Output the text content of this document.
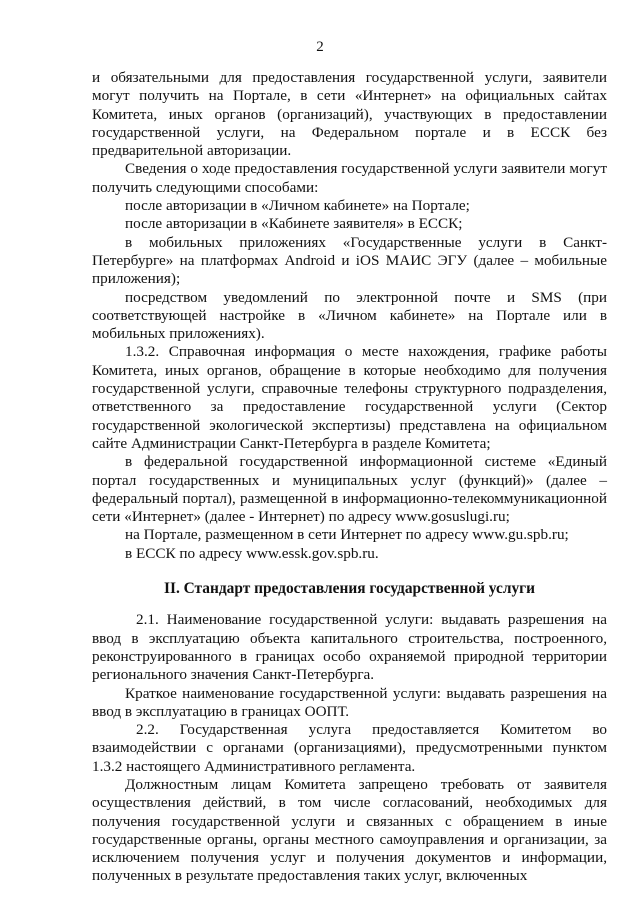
2

и обязательными для предоставления государственной услуги, заявители могут получить на Портале, в сети «Интернет» на официальных сайтах Комитета, иных органов (организаций), участвующих в предоставлении государственной услуги, на Федеральном портале и в ЕССК без предварительной авторизации.

Сведения о ходе предоставления государственной услуги заявители могут получить следующими способами:

после авторизации в «Личном кабинете» на Портале;

после авторизации в «Кабинете заявителя» в ЕССК;

в мобильных приложениях «Государственные услуги в Санкт-Петербурге» на платформах Android и iOS МАИС ЭГУ (далее – мобильные приложения);

посредством уведомлений по электронной почте и SMS (при соответствующей настройке в «Личном кабинете» на Портале или в мобильных приложениях).

1.3.2. Справочная информация о месте нахождения, графике работы Комитета, иных органов, обращение в которые необходимо для получения государственной услуги, справочные телефоны структурного подразделения, ответственного за предоставление государственной услуги (Сектор государственной экологической экспертизы) представлена на официальном сайте Администрации Санкт-Петербурга в разделе Комитета;

в федеральной государственной информационной системе «Единый портал государственных и муниципальных услуг (функций)» (далее – федеральный портал), размещенной в информационно-телекоммуникационной сети «Интернет» (далее - Интернет) по адресу www.gosuslugi.ru;

на Портале, размещенном в сети Интернет по адресу www.gu.spb.ru;

в ЕССК по адресу www.essk.gov.spb.ru.

II. Стандарт предоставления государственной услуги

2.1. Наименование государственной услуги: выдавать разрешения на ввод в эксплуатацию объекта капитального строительства, построенного, реконструированного в границах особо охраняемой природной территории регионального значения Санкт-Петербурга.

Краткое наименование государственной услуги: выдавать разрешения на ввод в эксплуатацию в границах ООПТ.

2.2. Государственная услуга предоставляется Комитетом во взаимодействии с органами (организациями), предусмотренными пунктом 1.3.2 настоящего Административного регламента.

Должностным лицам Комитета запрещено требовать от заявителя осуществления действий, в том числе согласований, необходимых для получения государственной услуги и связанных с обращением в иные государственные органы, органы местного самоуправления и организации, за исключением получения услуг и получения документов и информации, полученных в результате предоставления таких услуг, включенных
